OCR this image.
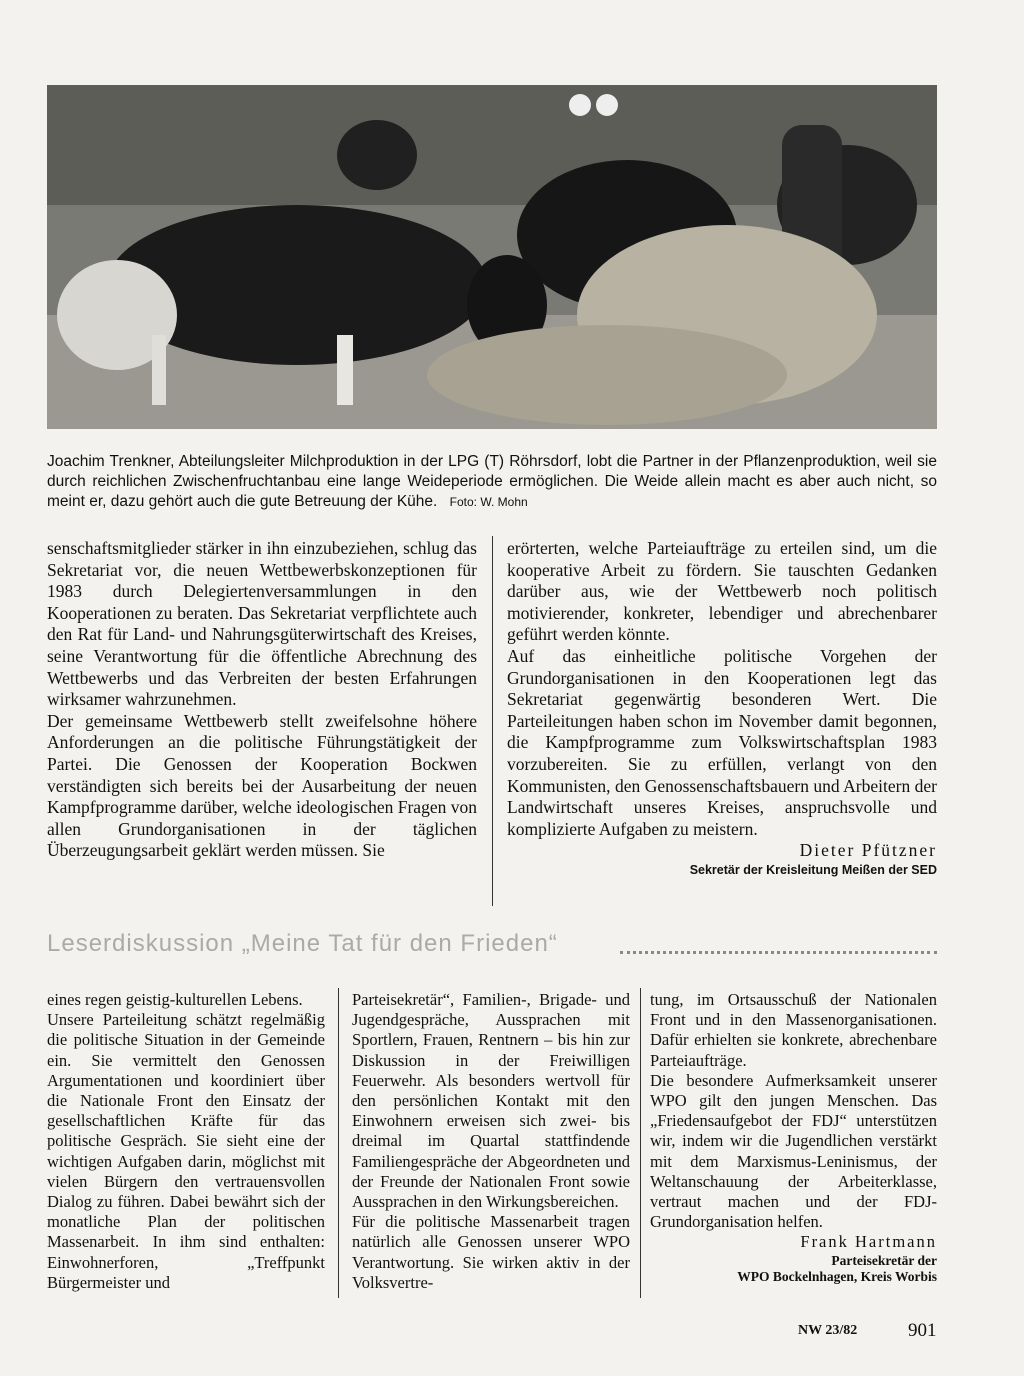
Joachim Trenkner, Abteilungsleiter Milchproduktion in der LPG (T) Röhrsdorf, lobt die Partner in der Pflanzenproduktion, weil sie durch reichlichen Zwischenfruchtanbau eine lange Weideperiode ermöglichen. Die Weide allein macht es aber auch nicht, so meint er, dazu gehört auch die gute Betreuung der Kühe. Foto: W. Mohn

senschaftsmitglieder stärker in ihn einzubeziehen, schlug das Sekretariat vor, die neuen Wettbewerbskonzeptionen für 1983 durch Delegiertenversammlungen in den Kooperationen zu beraten. Das Sekretariat verpflichtete auch den Rat für Land- und Nahrungsgüterwirtschaft des Kreises, seine Verantwortung für die öffentliche Abrechnung des Wettbewerbs und das Verbreiten der besten Erfahrungen wirksamer wahrzunehmen.

Der gemeinsame Wettbewerb stellt zweifelsohne höhere Anforderungen an die politische Führungstätigkeit der Partei. Die Genossen der Kooperation Bockwen verständigten sich bereits bei der Ausarbeitung der neuen Kampfprogramme darüber, welche ideologischen Fragen von allen Grundorganisationen in der täglichen Überzeugungsarbeit geklärt werden müssen. Sie

erörterten, welche Parteiaufträge zu erteilen sind, um die kooperative Arbeit zu fördern. Sie tauschten Gedanken darüber aus, wie der Wettbewerb noch politisch motivierender, konkreter, lebendiger und abrechenbarer geführt werden könnte.

Auf das einheitliche politische Vorgehen der Grundorganisationen in den Kooperationen legt das Sekretariat gegenwärtig besonderen Wert. Die Parteileitungen haben schon im November damit begonnen, die Kampfprogramme zum Volkswirtschaftsplan 1983 vorzubereiten. Sie zu erfüllen, verlangt von den Kommunisten, den Genossenschaftsbauern und Arbeitern der Landwirtschaft unseres Kreises, anspruchsvolle und komplizierte Aufgaben zu meistern.

Dieter Pfützner

Sekretär der Kreisleitung Meißen der SED

Leserdiskussion „Meine Tat für den Frieden“

eines regen geistig-kulturellen Lebens.

Unsere Parteileitung schätzt regelmäßig die politische Situation in der Gemeinde ein. Sie vermittelt den Genossen Argumentationen und koordiniert über die Nationale Front den Einsatz der gesellschaftlichen Kräfte für das politische Gespräch. Sie sieht eine der wichtigen Aufgaben darin, möglichst mit vielen Bürgern den vertrauensvollen Dialog zu führen. Dabei bewährt sich der monatliche Plan der politischen Massenarbeit. In ihm sind enthalten: Einwohnerforen, „Treffpunkt Bürgermeister und

Parteisekretär“, Familien-, Brigade- und Jugendgespräche, Aussprachen mit Sportlern, Frauen, Rentnern – bis hin zur Diskussion in der Freiwilligen Feuerwehr. Als besonders wertvoll für den persönlichen Kontakt mit den Einwohnern erweisen sich zwei- bis dreimal im Quartal stattfindende Familiengespräche der Abgeordneten und der Freunde der Nationalen Front sowie Aussprachen in den Wirkungsbereichen.

Für die politische Massenarbeit tragen natürlich alle Genossen unserer WPO Verantwortung. Sie wirken aktiv in der Volksvertre-

tung, im Ortsausschuß der Nationalen Front und in den Massenorganisationen. Dafür erhielten sie konkrete, abrechenbare Parteiaufträge.

Die besondere Aufmerksamkeit unserer WPO gilt den jungen Menschen. Das „Friedensaufgebot der FDJ“ unterstützen wir, indem wir die Jugendlichen verstärkt mit dem Marxismus-Leninismus, der Weltanschauung der Arbeiterklasse, vertraut machen und der FDJ-Grundorganisation helfen.

Frank Hartmann

Parteisekretär der

WPO Bockelnhagen, Kreis Worbis

NW 23/82	901
